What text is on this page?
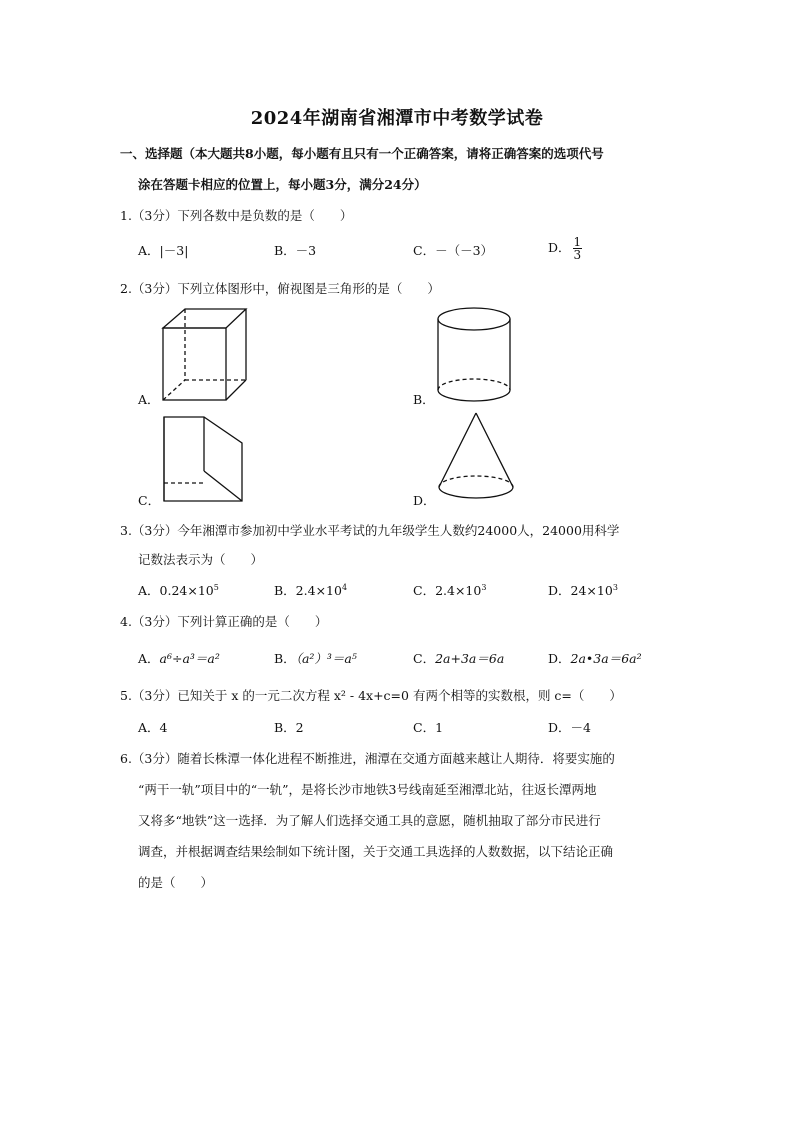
2024年湖南省湘潭市中考数学试卷
一、选择题（本大题共8小题，每小题有且只有一个正确答案，请将正确答案的选项代号
涂在答题卡相应的位置上，每小题3分，满分24分）
1.（3分）下列各数中是负数的是（　　）
A．|－3|	B．－3	C．－（－3）	D． $\frac{1}{3}$
2.（3分）下列立体图形中，俯视图是三角形的是（　　）
A．	B．
C．	D．
3.（3分）今年湘潭市参加初中学业水平考试的九年级学生人数约24000人，24000用科学
记数法表示为（　　）
A．$0.24\times 10^5$	B．$2.4\times 10^4$	C．$2.4\times 10^3$	D．$24\times 10^3$
4.（3分）下列计算正确的是（　　）
A．a⁶÷a³＝a²	B．（a²）³＝a⁵	C．2a+3a＝6a	D．2a•3a＝6a²
5.（3分）已知关于 x 的一元二次方程 x² - 4x+c=0 有两个相等的实数根，则 c=（　　）
A．4	B．2	C．1	D．－4
6.（3分）随着长株潭一体化进程不断推进，湘潭在交通方面越来越让人期待．将要实施的
“两干一轨”项目中的“一轨”，是将长沙市地铁3号线南延至湘潭北站，往返长潭两地
又将多“地铁”这一选择．为了解人们选择交通工具的意愿，随机抽取了部分市民进行
调查，并根据调查结果绘制如下统计图，关于交通工具选择的人数数据，以下结论正确
的是（　　）
